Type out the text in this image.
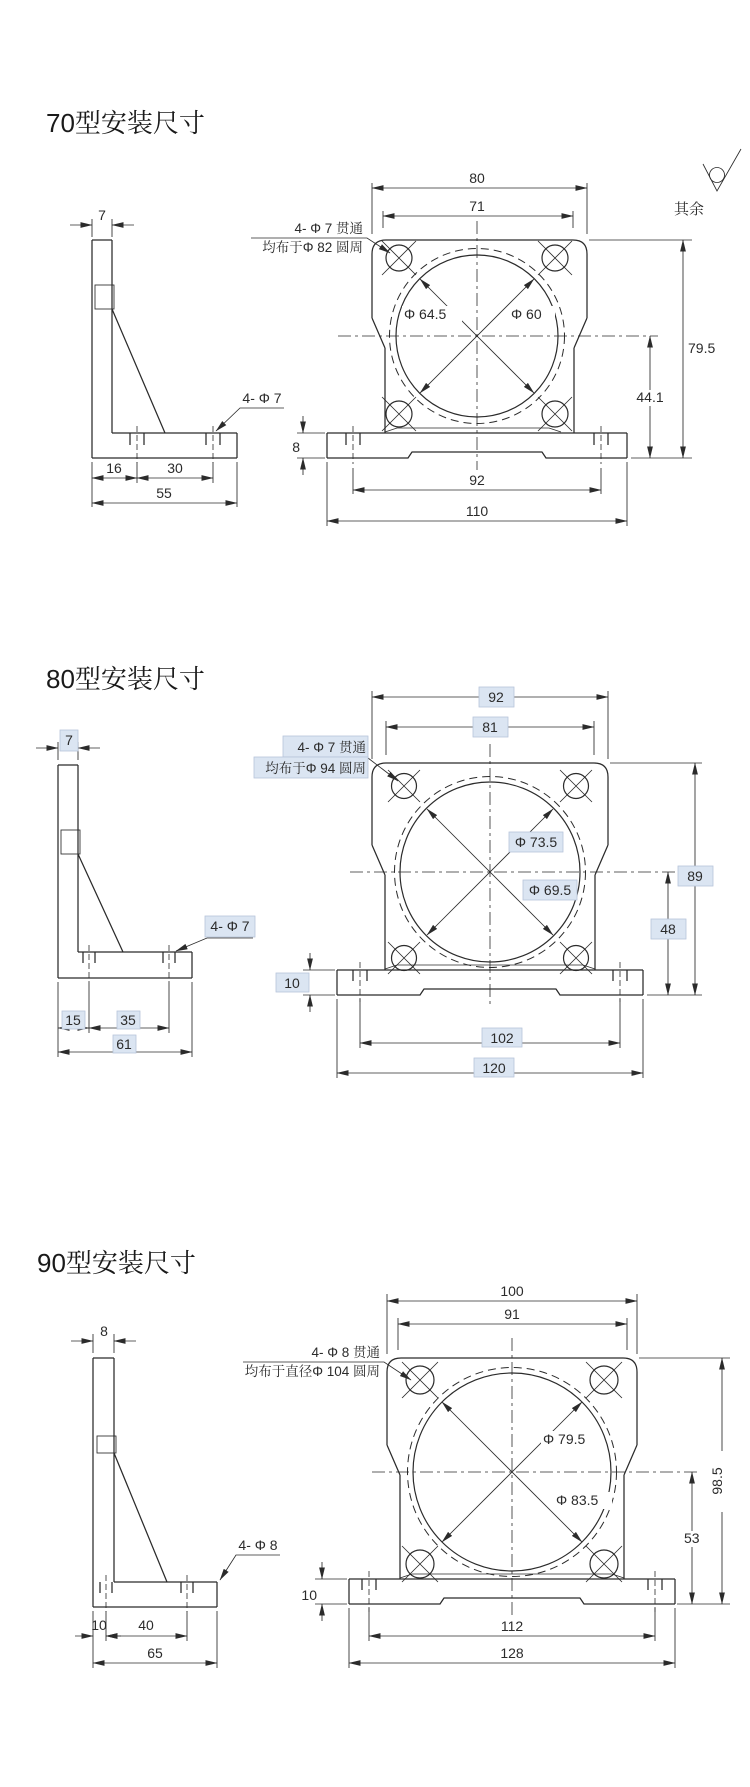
70型安装尺寸
其余
7
16	30
55
4- Φ 7
80
71
Φ 64.5	Φ 60
79.5
44.1
8
92
110
4- Φ 7 贯通
均布于Φ 82 圆周
80型安装尺寸
7
15	35
61
4- Φ 7
92
81
Φ 73.5
Φ 69.5
89
48
10
102
120
4- Φ 7 贯通
均布于Φ 94 圆周
90型安装尺寸
8
10 40
65
4- Φ 8
100
91
Φ 79.5
Φ 83.5
98.5
53
10
112
128
4- Φ 8 贯通
均布于直径Φ 104 圆周
